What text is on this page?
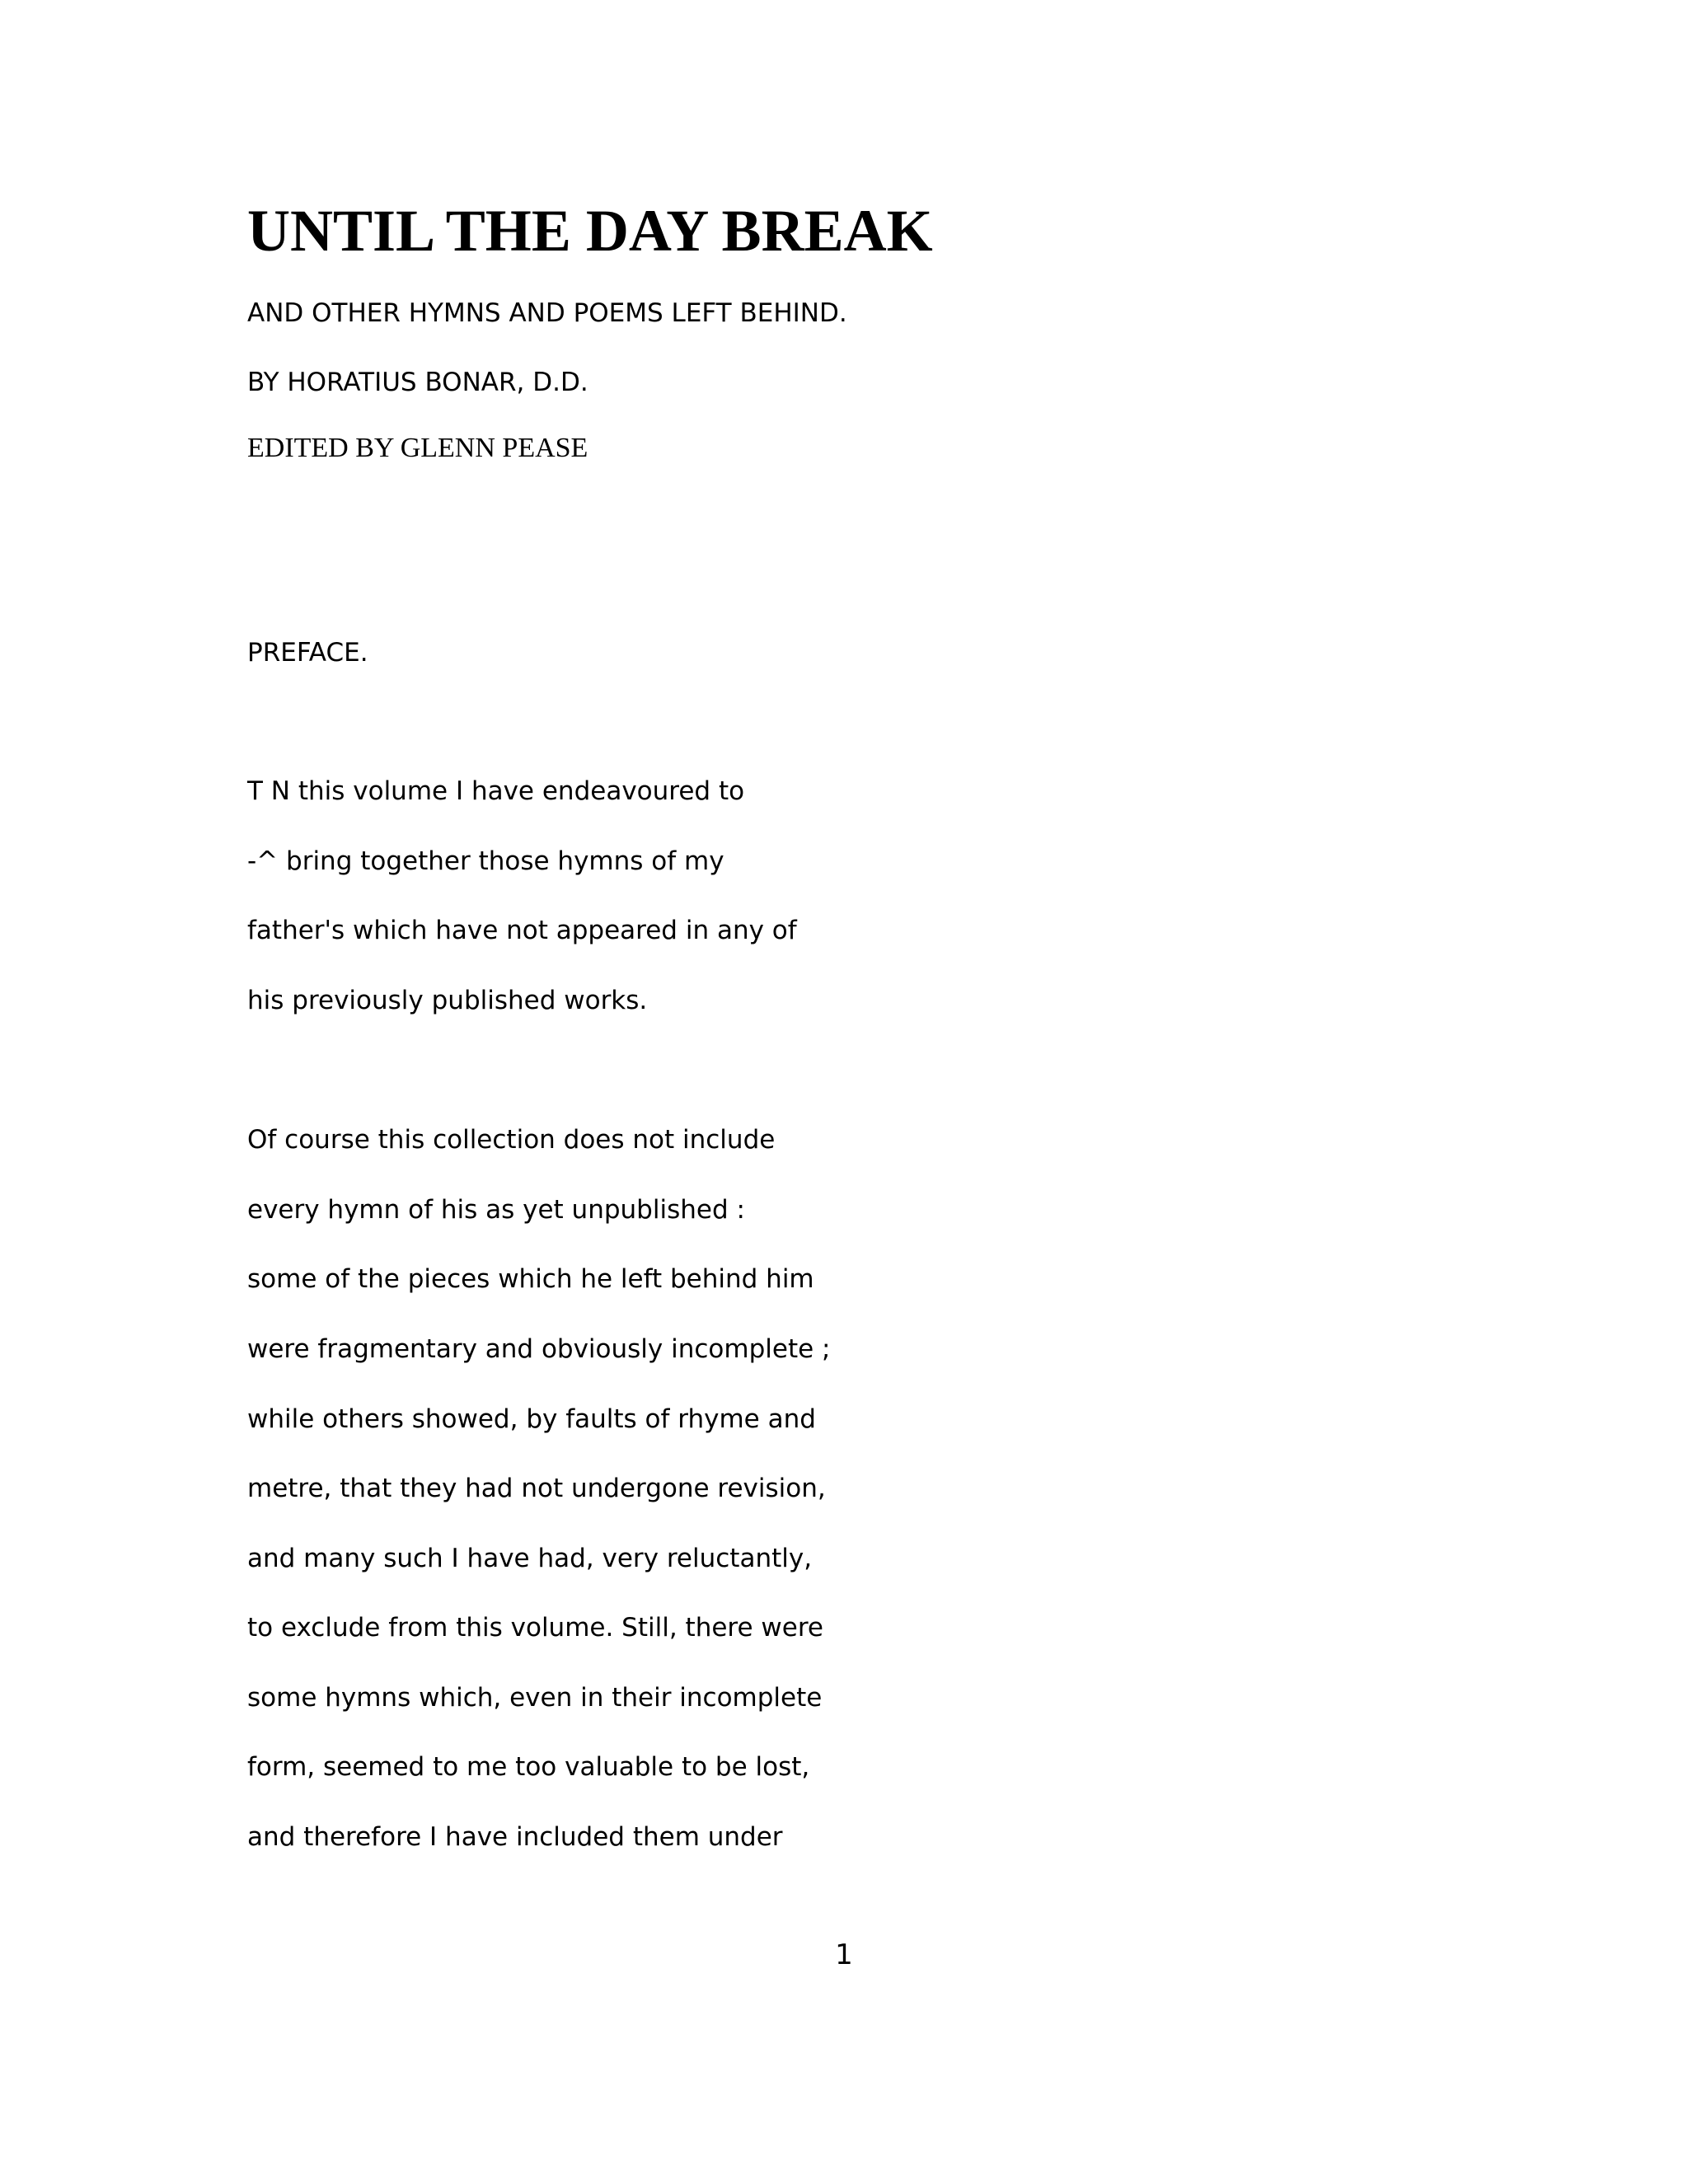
UNTIL THE DAY BREAK

AND OTHER HYMNS AND POEMS LEFT BEHIND.

BY HORATIUS BONAR, D.D.

EDITED BY GLENN PEASE

PREFACE.

T N this volume I have endeavoured to

-^ bring together those hymns of my

father's which have not appeared in any of

his previously published works.

Of course this collection does not include

every hymn of his as yet unpublished :

some of the pieces which he left behind him

were fragmentary and obviously incomplete ;

while others showed, by faults of rhyme and

metre, that they had not undergone revision,

and many such I have had, very reluctantly,

to exclude from this volume. Still, there were

some hymns which, even in their incomplete

form, seemed to me too valuable to be lost,

and therefore I have included them under

1
